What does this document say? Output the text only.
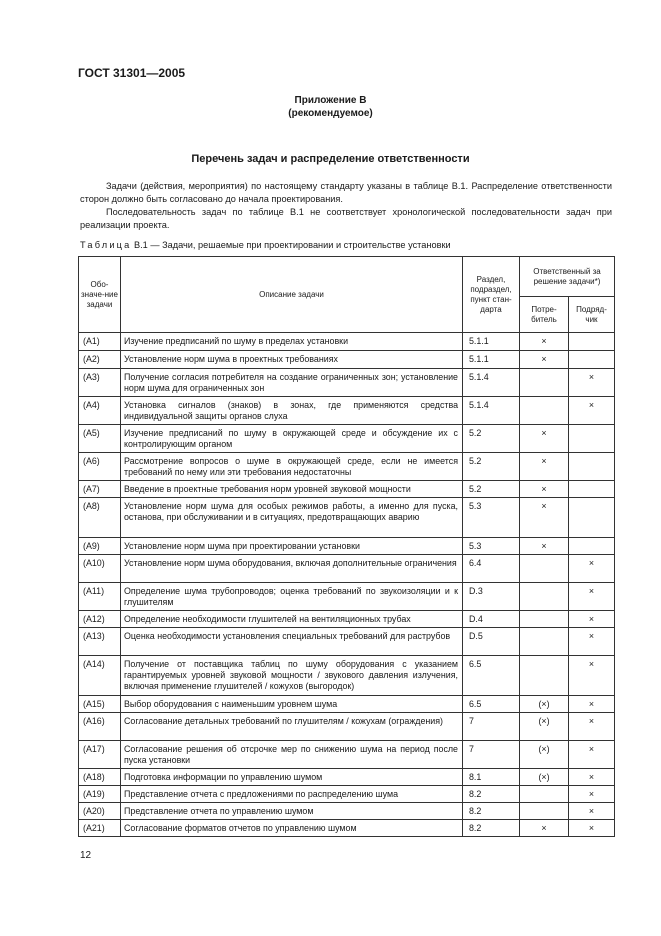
ГОСТ 31301—2005
Приложение В
(рекомендуемое)
Перечень задач и распределение ответственности
Задачи (действия, мероприятия) по настоящему стандарту указаны в таблице В.1. Распределение ответственности сторон должно быть согласовано до начала проектирования.
Последовательность задач по таблице В.1 не соответствует хронологической последовательности задач при реализации проекта.
Таблица В.1 — Задачи, решаемые при проектировании и строительстве установки
Обо-значе-ние задачи	Описание задачи	Раздел, подраздел, пункт стан-дарта	Ответственный за решение задачи*)	
			Потре-битель	Подряд-чик
(А1)	Изучение предписаний по шуму в пределах установки	5.1.1	×	
(А2)	Установление норм шума в проектных требованиях	5.1.1	×	
(А3)	Получение согласия потребителя на создание ограниченных зон; установление норм шума для ограниченных зон	5.1.4		×
(А4)	Установка сигналов (знаков) в зонах, где применяются средства индивидуальной защиты органов слуха	5.1.4		×
(А5)	Изучение предписаний по шуму в окружающей среде и обсуждение их с контролирующим органом	5.2	×	
(А6)	Рассмотрение вопросов о шуме в окружающей среде, если не имеется требований по нему или эти требования недостаточны	5.2	×	
(А7)	Введение в проектные требования норм уровней звуковой мощности	5.2	×	
(А8)	Установление норм шума для особых режимов работы, а именно для пуска, останова, при обслуживании и в ситуациях, предотвращающих аварию	5.3	×	
(А9)	Установление норм шума при проектировании установки	5.3	×	
(А10)	Установление норм шума оборудования, включая дополнительные ограничения	6.4		×
(А11)	Определение шума трубопроводов; оценка требований по звукоизоляции и к глушителям	D.3		×
(А12)	Определение необходимости глушителей на вентиляционных трубах	D.4		×
(А13)	Оценка необходимости установления специальных требований для раструбов	D.5		×
(А14)	Получение от поставщика таблиц по шуму оборудования с указанием гарантируемых уровней звуковой мощности / звукового давления излучения, включая применение глушителей / кожухов (выгородок)	6.5		×
(А15)	Выбор оборудования с наименьшим уровнем шума	6.5	(×)	×
(А16)	Согласование детальных требований по глушителям / кожухам (ограждения)	7	(×)	×
(А17)	Согласование решения об отсрочке мер по снижению шума на период после пуска установки	7	(×)	×
(А18)	Подготовка информации по управлению шумом	8.1	(×)	×
(А19)	Представление отчета с предложениями по распределению шума	8.2		×
(А20)	Представление отчета по управлению шумом	8.2		×
(А21)	Согласование форматов отчетов по управлению шумом	8.2	×	×
12
